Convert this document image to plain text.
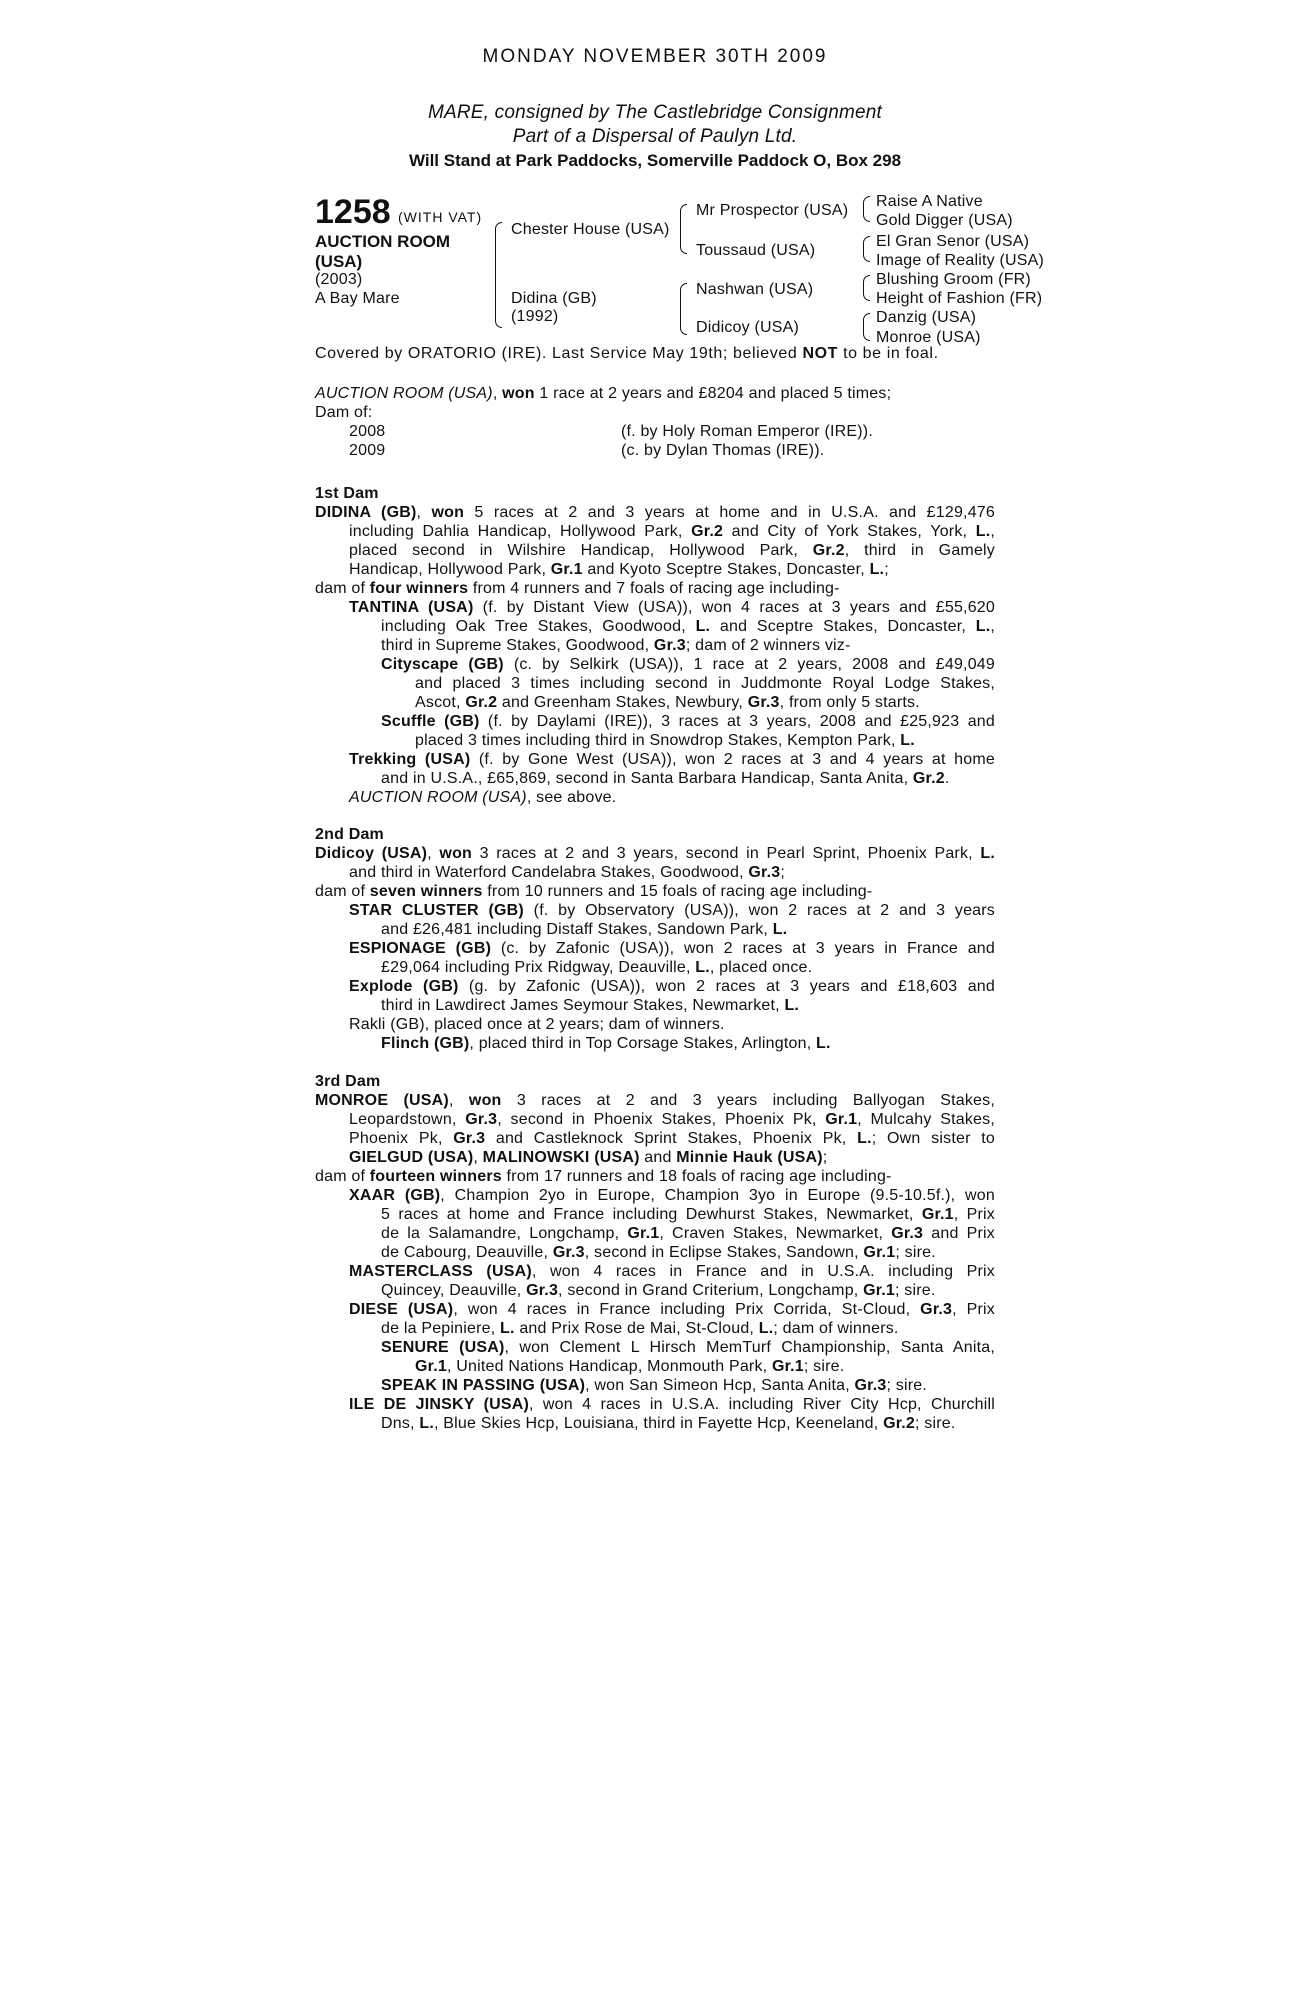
MONDAY NOVEMBER 30TH 2009
MARE, consigned by The Castlebridge Consignment
Part of a Dispersal of Paulyn Ltd.
Will Stand at Park Paddocks, Somerville Paddock O, Box 298
1258 (WITH VAT)
AUCTION ROOM
(USA)
(2003)
A Bay Mare
Chester House (USA)
Didina (GB)
(1992)
Mr Prospector (USA)
Toussaud (USA)
Nashwan (USA)
Didicoy (USA)
Raise A Native
Gold Digger (USA)
El Gran Senor (USA)
Image of Reality (USA)
Blushing Groom (FR)
Height of Fashion (FR)
Danzig (USA)
Monroe (USA)
Covered by ORATORIO (IRE). Last Service May 19th; believed NOT to be in foal.
AUCTION ROOM (USA), won 1 race at 2 years and £8204 and placed 5 times;
Dam of:
2008	(f. by Holy Roman Emperor (IRE)).
2009	(c. by Dylan Thomas (IRE)).
1st Dam
DIDINA (GB), won 5 races at 2 and 3 years at home and in U.S.A. and £129,476
including Dahlia Handicap, Hollywood Park, Gr.2 and City of York Stakes, York, L.,
placed second in Wilshire Handicap, Hollywood Park, Gr.2, third in Gamely
Handicap, Hollywood Park, Gr.1 and Kyoto Sceptre Stakes, Doncaster, L.;
dam of four winners from 4 runners and 7 foals of racing age including-
TANTINA (USA) (f. by Distant View (USA)), won 4 races at 3 years and £55,620
including Oak Tree Stakes, Goodwood, L. and Sceptre Stakes, Doncaster, L.,
third in Supreme Stakes, Goodwood, Gr.3; dam of 2 winners viz-
Cityscape (GB) (c. by Selkirk (USA)), 1 race at 2 years, 2008 and £49,049
and placed 3 times including second in Juddmonte Royal Lodge Stakes,
Ascot, Gr.2 and Greenham Stakes, Newbury, Gr.3, from only 5 starts.
Scuffle (GB) (f. by Daylami (IRE)), 3 races at 3 years, 2008 and £25,923 and
placed 3 times including third in Snowdrop Stakes, Kempton Park, L.
Trekking (USA) (f. by Gone West (USA)), won 2 races at 3 and 4 years at home
and in U.S.A., £65,869, second in Santa Barbara Handicap, Santa Anita, Gr.2.
AUCTION ROOM (USA), see above.
2nd Dam
Didicoy (USA), won 3 races at 2 and 3 years, second in Pearl Sprint, Phoenix Park, L.
and third in Waterford Candelabra Stakes, Goodwood, Gr.3;
dam of seven winners from 10 runners and 15 foals of racing age including-
STAR CLUSTER (GB) (f. by Observatory (USA)), won 2 races at 2 and 3 years
and £26,481 including Distaff Stakes, Sandown Park, L.
ESPIONAGE (GB) (c. by Zafonic (USA)), won 2 races at 3 years in France and
£29,064 including Prix Ridgway, Deauville, L., placed once.
Explode (GB) (g. by Zafonic (USA)), won 2 races at 3 years and £18,603 and
third in Lawdirect James Seymour Stakes, Newmarket, L.
Rakli (GB), placed once at 2 years; dam of winners.
Flinch (GB), placed third in Top Corsage Stakes, Arlington, L.
3rd Dam
MONROE (USA), won 3 races at 2 and 3 years including Ballyogan Stakes,
Leopardstown, Gr.3, second in Phoenix Stakes, Phoenix Pk, Gr.1, Mulcahy Stakes,
Phoenix Pk, Gr.3 and Castleknock Sprint Stakes, Phoenix Pk, L.; Own sister to
GIELGUD (USA), MALINOWSKI (USA) and Minnie Hauk (USA);
dam of fourteen winners from 17 runners and 18 foals of racing age including-
XAAR (GB), Champion 2yo in Europe, Champion 3yo in Europe (9.5-10.5f.), won
5 races at home and France including Dewhurst Stakes, Newmarket, Gr.1, Prix
de la Salamandre, Longchamp, Gr.1, Craven Stakes, Newmarket, Gr.3 and Prix
de Cabourg, Deauville, Gr.3, second in Eclipse Stakes, Sandown, Gr.1; sire.
MASTERCLASS (USA), won 4 races in France and in U.S.A. including Prix
Quincey, Deauville, Gr.3, second in Grand Criterium, Longchamp, Gr.1; sire.
DIESE (USA), won 4 races in France including Prix Corrida, St-Cloud, Gr.3, Prix
de la Pepiniere, L. and Prix Rose de Mai, St-Cloud, L.; dam of winners.
SENURE (USA), won Clement L Hirsch MemTurf Championship, Santa Anita,
Gr.1, United Nations Handicap, Monmouth Park, Gr.1; sire.
SPEAK IN PASSING (USA), won San Simeon Hcp, Santa Anita, Gr.3; sire.
ILE DE JINSKY (USA), won 4 races in U.S.A. including River City Hcp, Churchill
Dns, L., Blue Skies Hcp, Louisiana, third in Fayette Hcp, Keeneland, Gr.2; sire.
